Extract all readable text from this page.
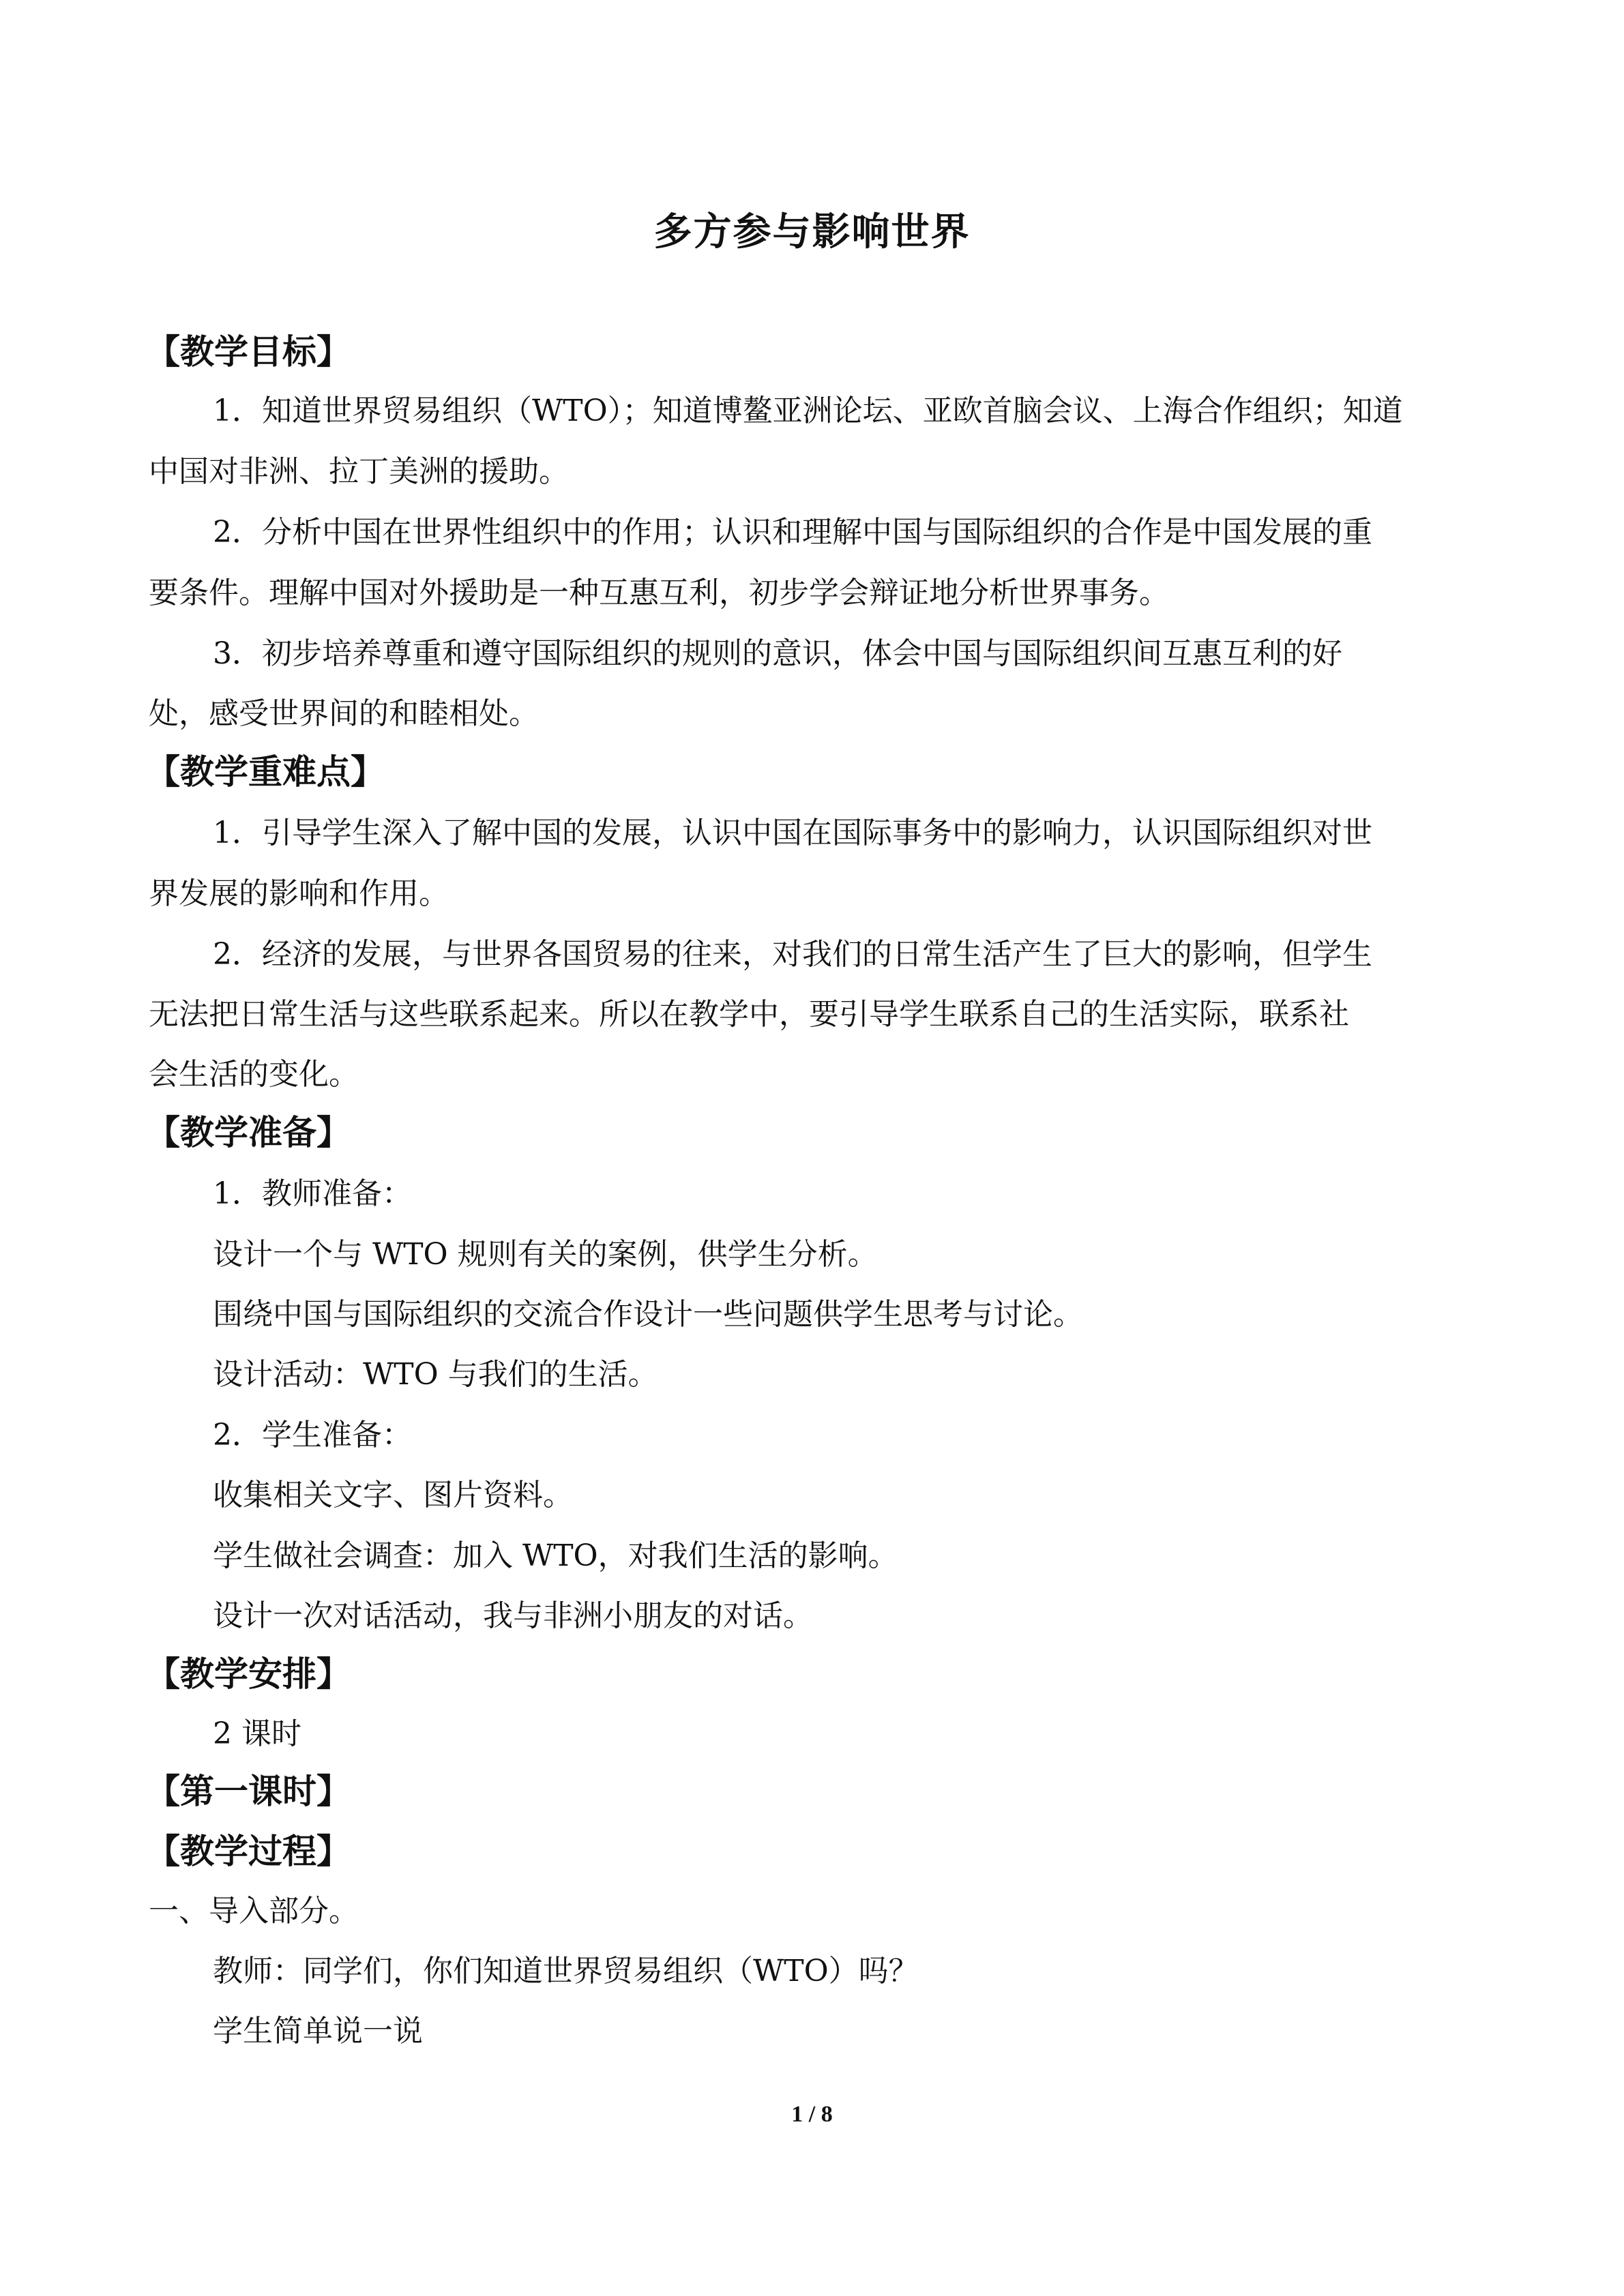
多方参与影响世界
【教学目标】
1．知道世界贸易组织（WTO）；知道博鳌亚洲论坛、亚欧首脑会议、上海合作组织；知道
中国对非洲、拉丁美洲的援助。
2．分析中国在世界性组织中的作用；认识和理解中国与国际组织的合作是中国发展的重
要条件。理解中国对外援助是一种互惠互利，初步学会辩证地分析世界事务。
3．初步培养尊重和遵守国际组织的规则的意识，体会中国与国际组织间互惠互利的好
处，感受世界间的和睦相处。
【教学重难点】
1．引导学生深入了解中国的发展，认识中国在国际事务中的影响力，认识国际组织对世
界发展的影响和作用。
2．经济的发展，与世界各国贸易的往来，对我们的日常生活产生了巨大的影响，但学生
无法把日常生活与这些联系起来。所以在教学中，要引导学生联系自己的生活实际，联系社
会生活的变化。
【教学准备】
1．教师准备：
设计一个与 WTO 规则有关的案例，供学生分析。
围绕中国与国际组织的交流合作设计一些问题供学生思考与讨论。
设计活动：WTO 与我们的生活。
2．学生准备：
收集相关文字、图片资料。
学生做社会调查：加入 WTO，对我们生活的影响。
设计一次对话活动，我与非洲小朋友的对话。
【教学安排】
2 课时
【第一课时】
【教学过程】
一、导入部分。
教师：同学们，你们知道世界贸易组织（WTO）吗？
学生简单说一说
1 / 8
